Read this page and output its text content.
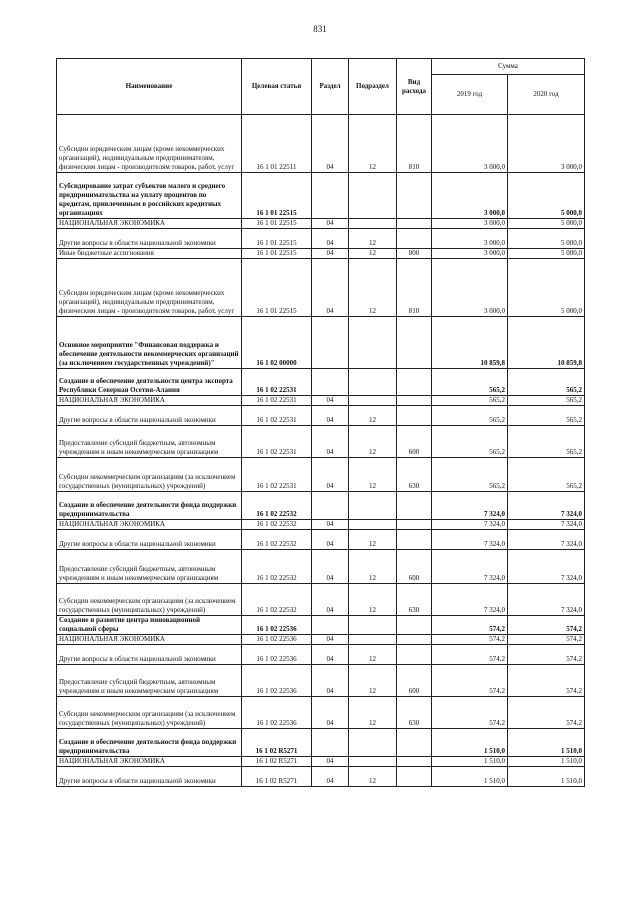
831
Наименование	Целевая статья	Раздел	Подраздел	Вид расхода	Сумма	
					2019 год	2020 год
Субсидии юридическим лицам (кроме некоммерческих организаций), индивидуальным предпринимателям, физическим лицам - производителям товаров, работ, услуг	16 1 01 22511	04	12	810	3 000,0	3 000,0
Субсидирование затрат субъектов малого и среднего предпринимательства на уплату процентов по кредитам, привлеченным в российских кредитных организациях	16 1 01 22515				3 000,0	5 000,0
НАЦИОНАЛЬНАЯ ЭКОНОМИКА	16 1 01 22515	04			3 000,0	5 000,0
Другие вопросы в области национальной экономики	16 1 01 22515	04	12		3 000,0	5 000,0
Иные бюджетные ассигнования	16 1 01 22515	04	12	800	3 000,0	5 000,0
Субсидии юридическим лицам (кроме некоммерческих организаций), индивидуальным предпринимателям, физическим лицам - производителям товаров, работ, услуг	16 1 01 22515	04	12	810	3 000,0	5 000,0
Основное мероприятие "Финансовая поддержка и обеспечение деятельности некоммерческих организаций (за исключением государственных учреждений)"	16 1 02 00000				10 859,8	10 859,8
Создание и обеспечение деятельности центра экспорта Республики Северная Осетия-Алания	16 1 02 22531				565,2	565,2
НАЦИОНАЛЬНАЯ ЭКОНОМИКА	16 1 02 22531	04			565,2	565,2
Другие вопросы в области национальной экономики	16 1 02 22531	04	12		565,2	565,2
Предоставление субсидий бюджетным, автономным учреждениям и иным некоммерческим организациям	16 1 02 22531	04	12	600	565,2	565,2
Субсидии некоммерческим организациям (за исключением государственных (муниципальных) учреждений)	16 1 02 22531	04	12	630	565,2	565,2
Создание и обеспечение деятельности фонда поддержки предпринимательства	16 1 02 22532				7 324,0	7 324,0
НАЦИОНАЛЬНАЯ ЭКОНОМИКА	16 1 02 22532	04			7 324,0	7 324,0
Другие вопросы в области национальной экономики	16 1 02 22532	04	12		7 324,0	7 324,0
Предоставление субсидий бюджетным, автономным учреждениям и иным некоммерческим организациям	16 1 02 22532	04	12	600	7 324,0	7 324,0
Субсидии некоммерческим организациям (за исключением государственных (муниципальных) учреждений)	16 1 02 22532	04	12	630	7 324,0	7 324,0
Создание и развитие центра инновационной социальной сферы	16 1 02 22536				574,2	574,2
НАЦИОНАЛЬНАЯ ЭКОНОМИКА	16 1 02 22536	04			574,2	574,2
Другие вопросы в области национальной экономики	16 1 02 22536	04	12		574,2	574,2
Предоставление субсидий бюджетным, автономным учреждениям и иным некоммерческим организациям	16 1 02 22536	04	12	600	574,2	574,2
Субсидии некоммерческим организациям (за исключением государственных (муниципальных) учреждений)	16 1 02 22536	04	12	630	574,2	574,2
Создание и обеспечение деятельности фонда поддержки предпринимательства	16 1 02 R5271				1 510,0	1 510,0
НАЦИОНАЛЬНАЯ ЭКОНОМИКА	16 1 02 R5271	04			1 510,0	1 510,0
Другие вопросы в области национальной экономики	16 1 02 R5271	04	12		1 510,0	1 510,0
